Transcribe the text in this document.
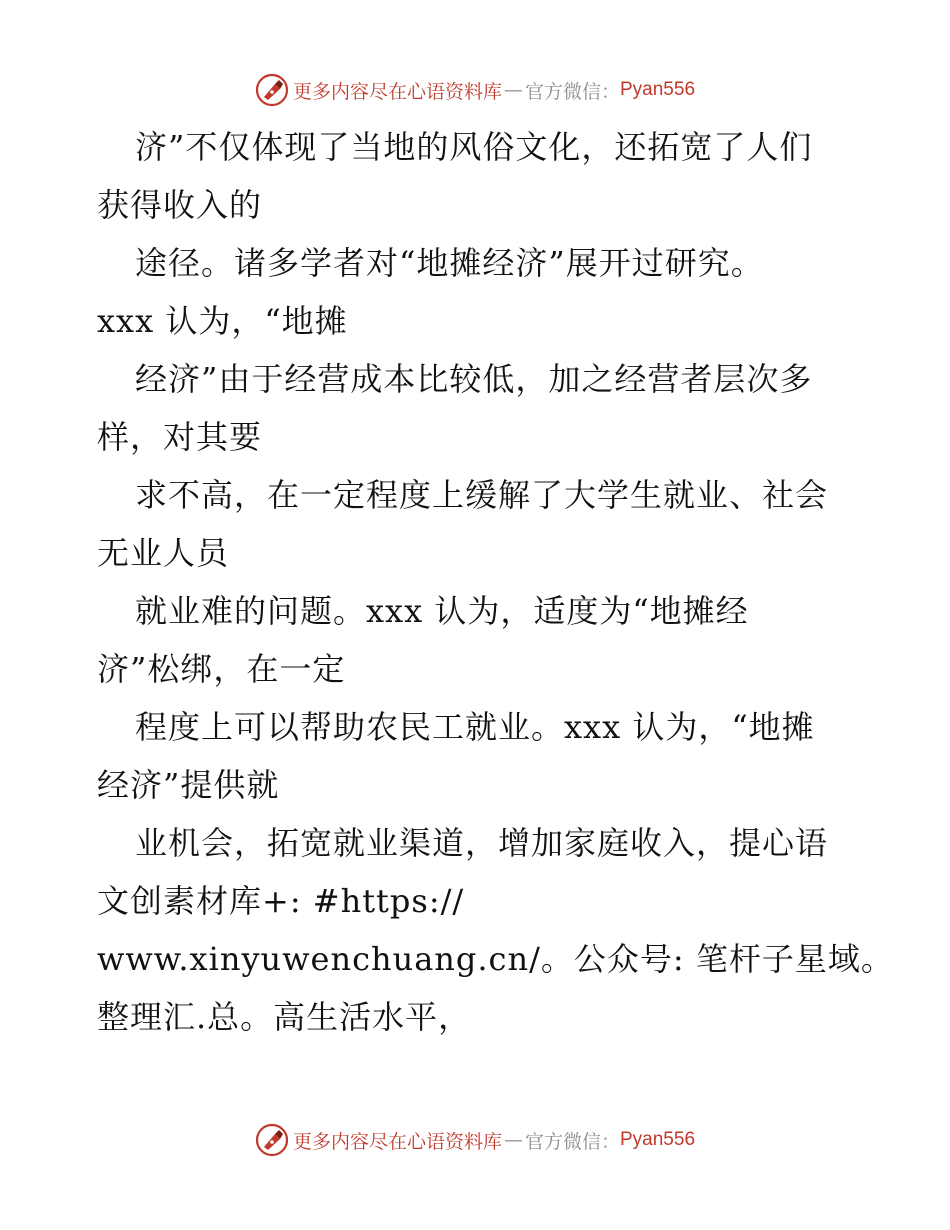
更多内容尽在心语资料库 — 官方微信： Pyan556
济”不仅体现了当地的风俗文化，还拓宽了人们
获得收入的
途径。诸多学者对“地摊经济”展开过研究。
xxx 认为，“地摊
经济”由于经营成本比较低，加之经营者层次多
样，对其要
求不高，在一定程度上缓解了大学生就业、社会
无业人员
就业难的问题。xxx 认为，适度为“地摊经
济”松绑，在一定
程度上可以帮助农民工就业。xxx 认为，“地摊
经济”提供就
业机会，拓宽就业渠道，增加家庭收入，提心语
文创素材库+: #https://
www.xinyuwenchuang.cn/。公众号: 笔杆子星域。
整理汇.总。高生活水平，
更多内容尽在心语资料库 — 官方微信： Pyan556
